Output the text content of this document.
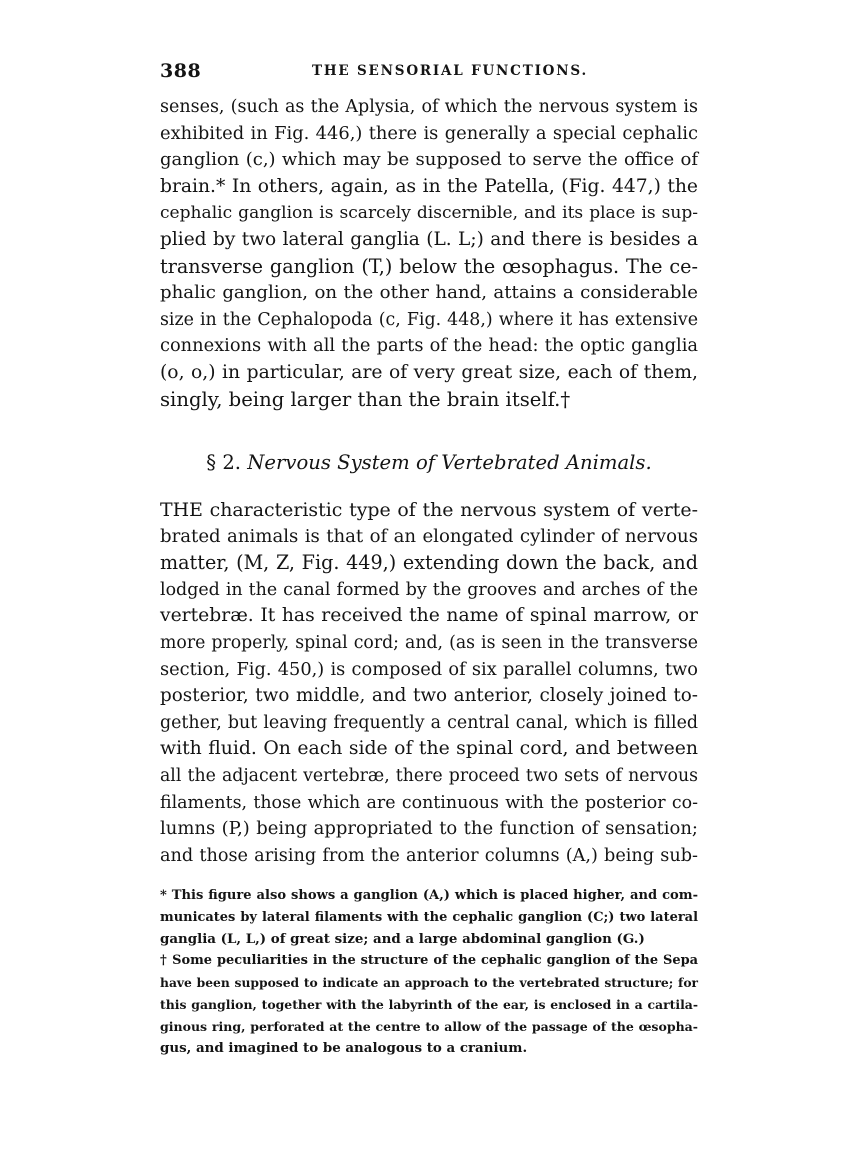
388	THE SENSORIAL FUNCTIONS.
senses, (such as the Aplysia, of which the nervous system is
exhibited in Fig. 446,) there is generally a special cephalic
ganglion (c,) which may be supposed to serve the office of
brain.* In others, again, as in the Patella, (Fig. 447,) the
cephalic ganglion is scarcely discernible, and its place is sup-
plied by two lateral ganglia (L. L;) and there is besides a
transverse ganglion (T,) below the œsophagus. The ce-
phalic ganglion, on the other hand, attains a considerable
size in the Cephalopoda (c, Fig. 448,) where it has extensive
connexions with all the parts of the head: the optic ganglia
(o, o,) in particular, are of very great size, each of them,
singly, being larger than the brain itself.†
§ 2. Nervous System of Vertebrated Animals.
THE characteristic type of the nervous system of verte-
brated animals is that of an elongated cylinder of nervous
matter, (M, Z, Fig. 449,) extending down the back, and
lodged in the canal formed by the grooves and arches of the
vertebræ. It has received the name of spinal marrow, or
more properly, spinal cord; and, (as is seen in the transverse
section, Fig. 450,) is composed of six parallel columns, two
posterior, two middle, and two anterior, closely joined to-
gether, but leaving frequently a central canal, which is filled
with fluid. On each side of the spinal cord, and between
all the adjacent vertebræ, there proceed two sets of nervous
filaments, those which are continuous with the posterior co-
lumns (P,) being appropriated to the function of sensation;
and those arising from the anterior columns (A,) being sub-
* This figure also shows a ganglion (A,) which is placed higher, and com-
municates by lateral filaments with the cephalic ganglion (C;) two lateral
ganglia (L, L,) of great size; and a large abdominal ganglion (G.)
† Some peculiarities in the structure of the cephalic ganglion of the Sepa
have been supposed to indicate an approach to the vertebrated structure; for
this ganglion, together with the labyrinth of the ear, is enclosed in a cartila-
ginous ring, perforated at the centre to allow of the passage of the œsopha-
gus, and imagined to be analogous to a cranium.
